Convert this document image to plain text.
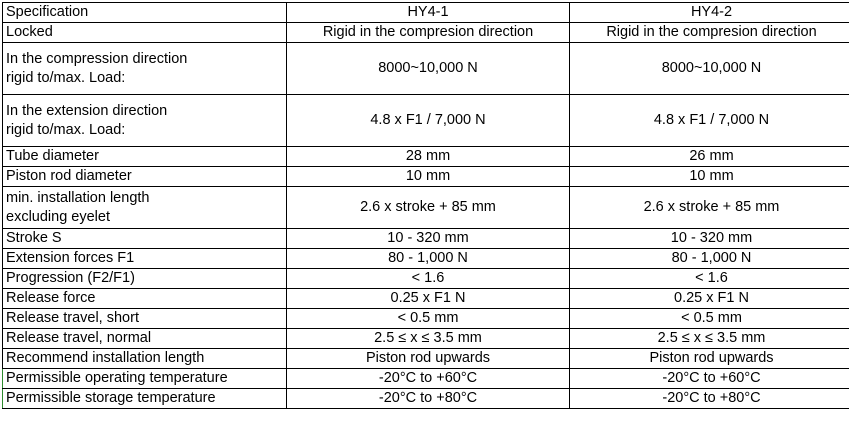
Specification	HY4-1	HY4-2

Locked	Rigid in the compresion direction	Rigid in the compresion direction

In the compression direction
rigid to/max. Load:	8000~10,000 N	8000~10,000 N

In the extension direction
rigid to/max. Load:	4.8 x F1 / 7,000 N	4.8 x F1 / 7,000 N

Tube diameter	28 mm	26 mm

Piston rod diameter	10 mm	10 mm

min. installation length
excluding eyelet	2.6 x stroke + 85 mm	2.6 x stroke + 85 mm

Stroke S	10 - 320 mm	10 - 320 mm

Extension forces F1	80 - 1,000 N	80 - 1,000 N

Progression (F2/F1)	< 1.6	< 1.6

Release force	0.25 x F1 N	0.25 x F1 N

Release travel, short	< 0.5 mm	< 0.5 mm

Release travel, normal	2.5 ≤ x ≤ 3.5 mm	2.5 ≤ x ≤ 3.5 mm

Recommend installation length	Piston rod upwards	Piston rod upwards

Permissible operating temperature	-20°C to +60°C	-20°C to +60°C

Permissible storage temperature	-20°C to +80°C	-20°C to +80°C
